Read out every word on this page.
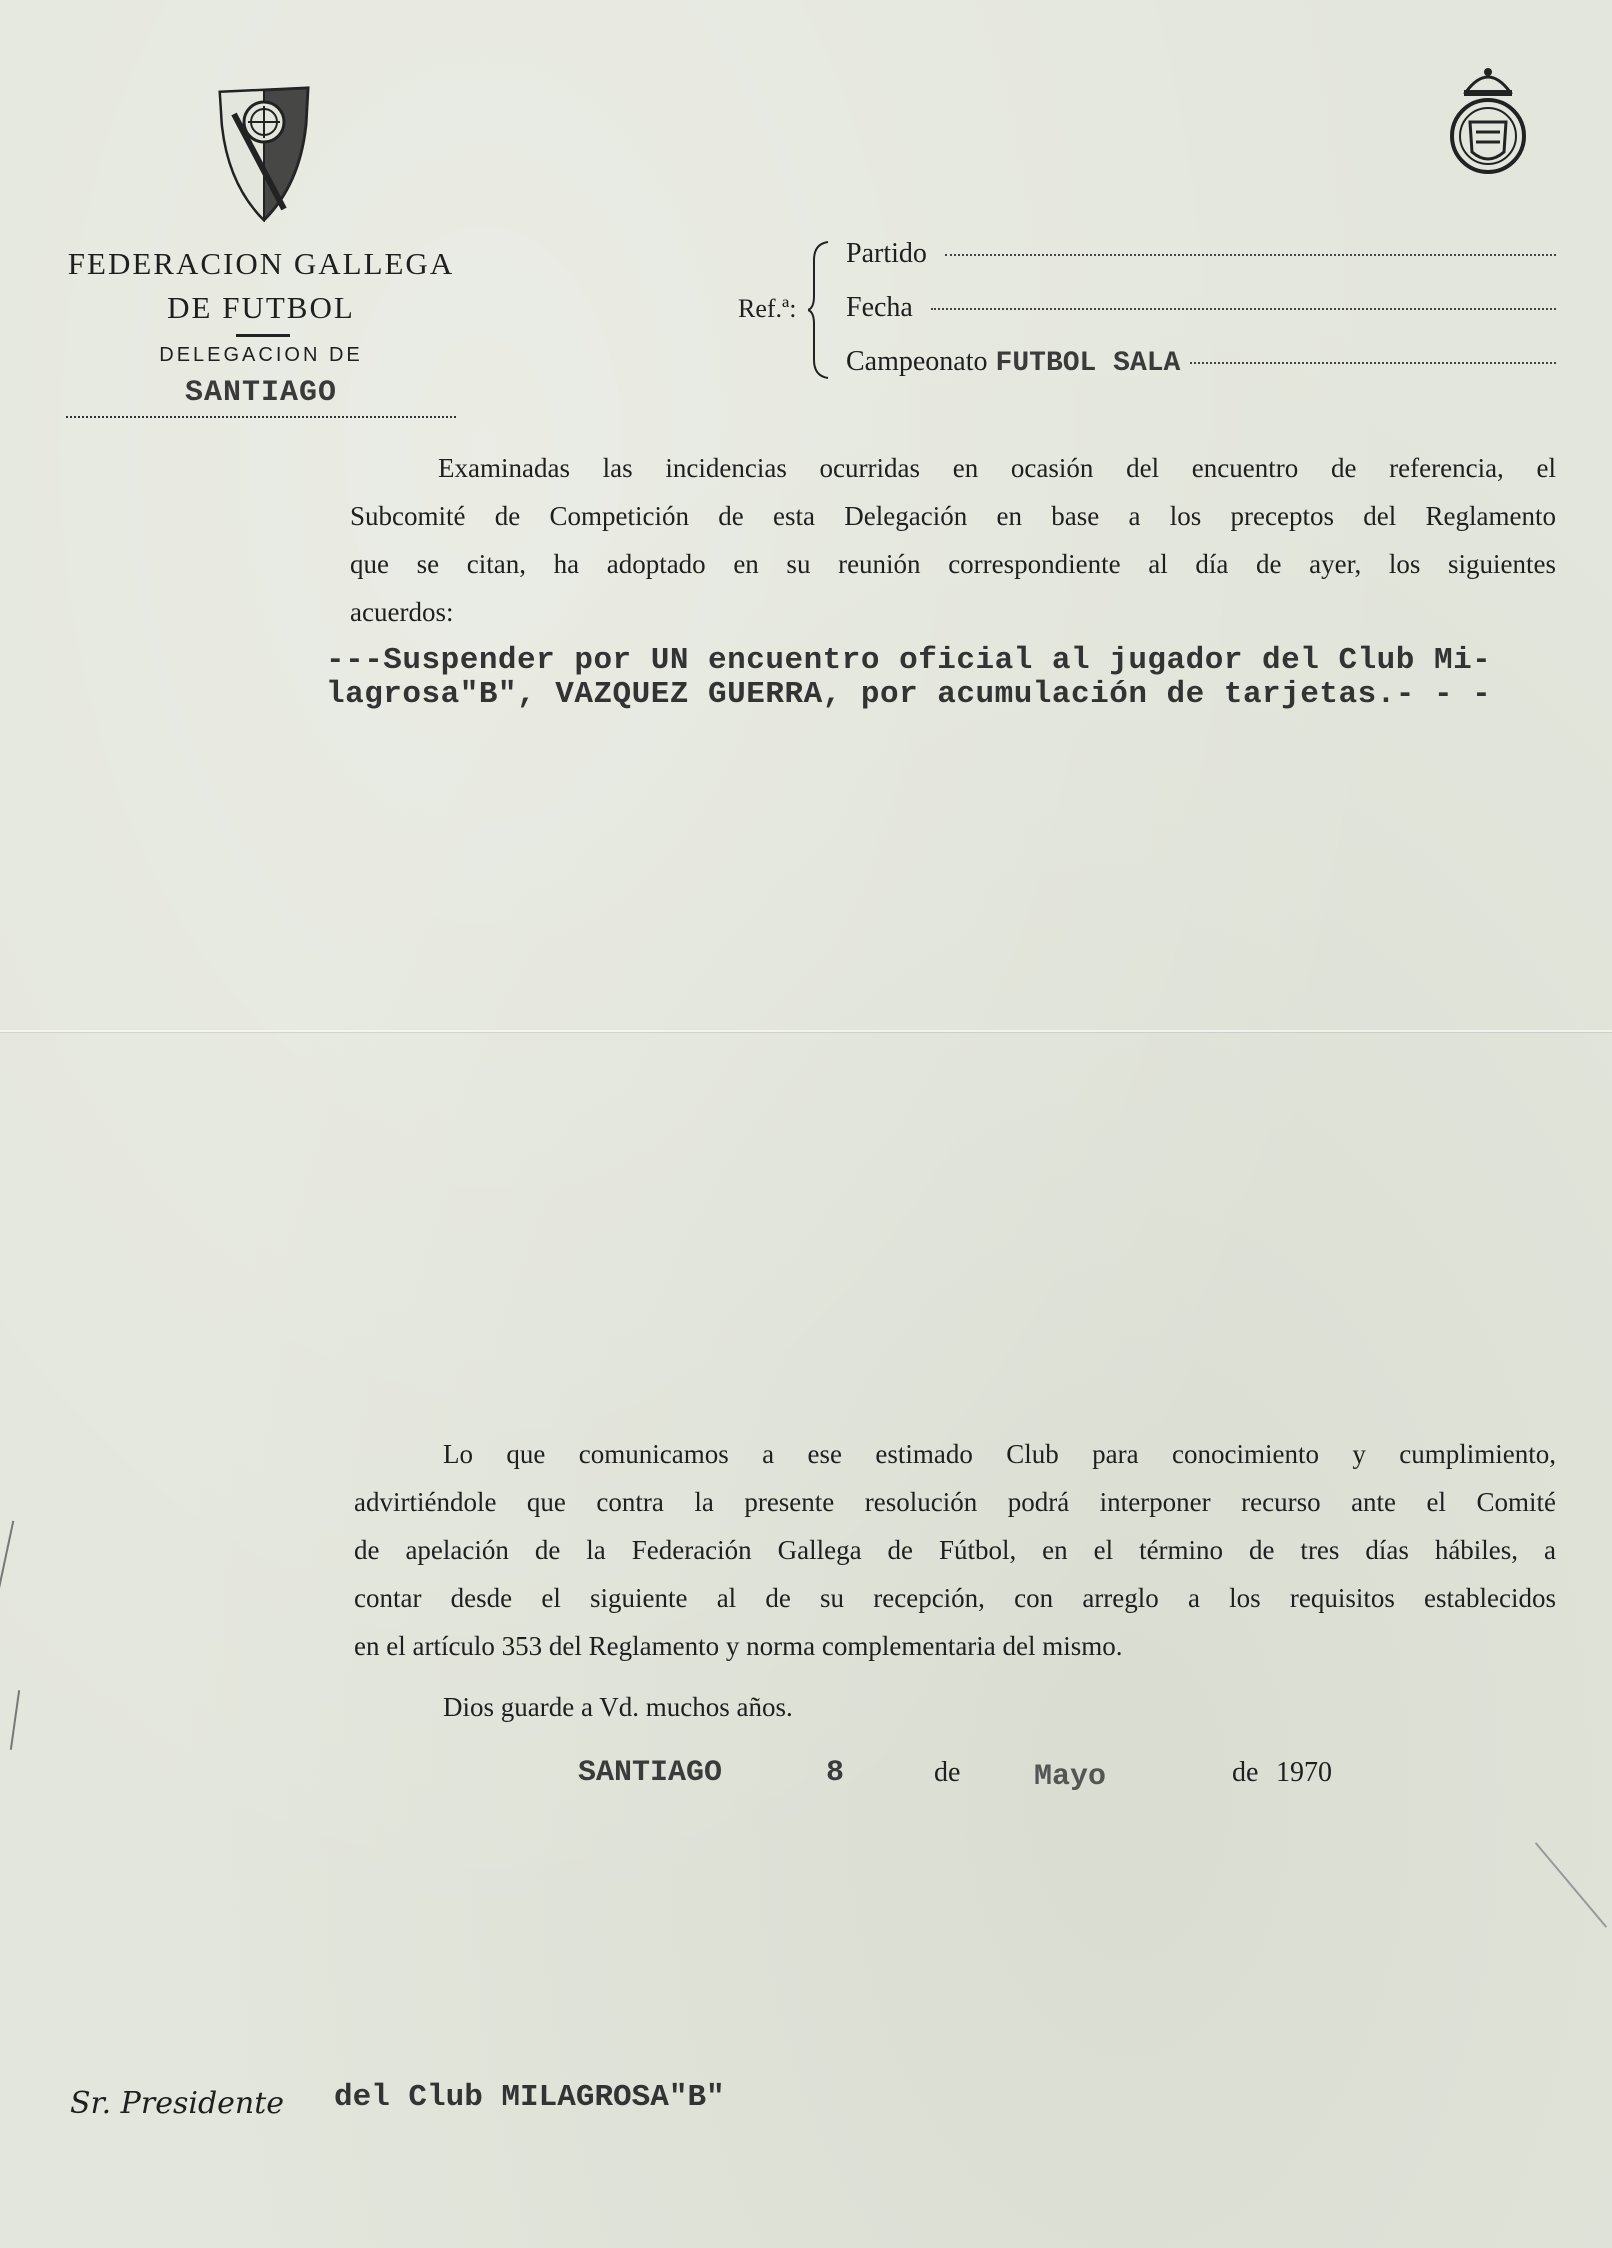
FEDERACION GALLEGA
DE FUTBOL
DELEGACION DE
SANTIAGO
Ref.ª:
Partido
Fecha
Campeonato FUTBOL SALA
Examinadas las incidencias ocurridas en ocasión del encuentro de referencia, el
Subcomité de Competición de esta Delegación en base a los preceptos del Reglamento
que se citan, ha adoptado en su reunión correspondiente al día de ayer, los siguientes
acuerdos:
---Suspender por UN encuentro oficial al jugador del Club Mi-
lagrosa"B", VAZQUEZ GUERRA, por acumulación de tarjetas.- - -
Lo que comunicamos a ese estimado Club para conocimiento y cumplimiento,
advirtiéndole que contra la presente resolución podrá interponer recurso ante el Comité
de apelación de la Federación Gallega de Fútbol, en el término de tres días hábiles, a
contar desde el siguiente al de su recepción, con arreglo a los requisitos establecidos
en el artículo 353 del Reglamento y norma complementaria del mismo.
Dios guarde a Vd. muchos años.
SANTIAGO	8	de Mayo	de 1970
Sr. Presidente del Club MILAGROSA"B"
